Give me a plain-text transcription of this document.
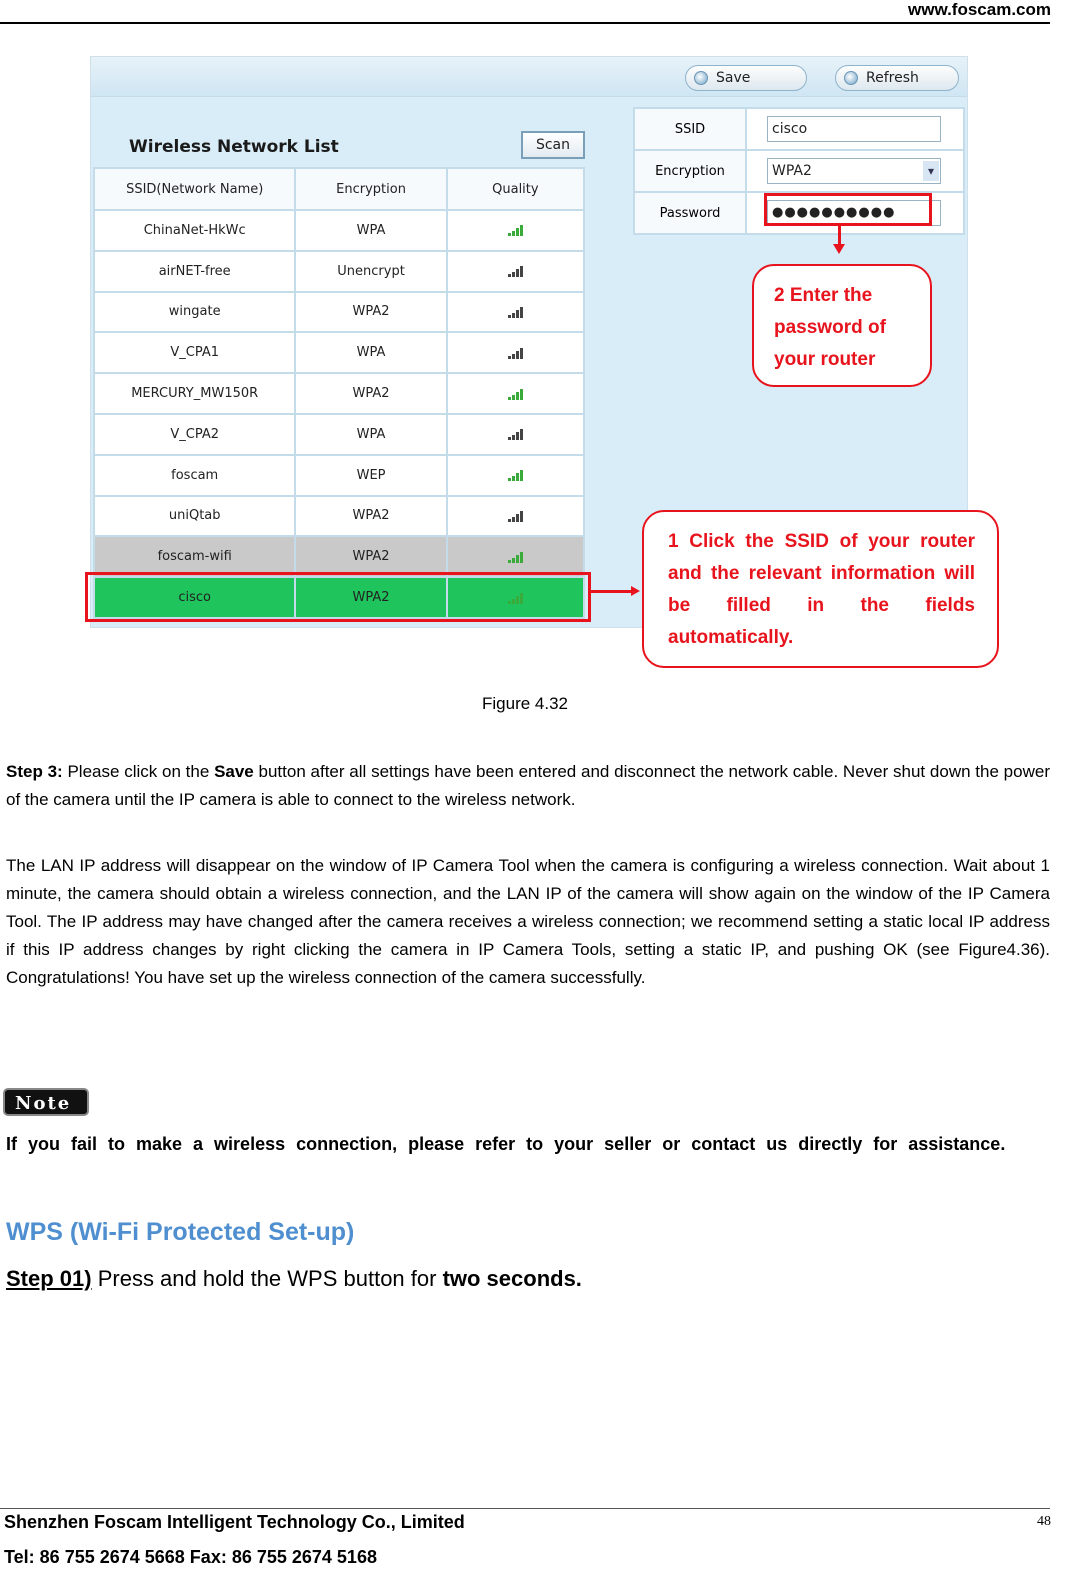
www.foscam.com
Save	Refresh
Wireless Network List	Scan
SSID(Network Name)	Encryption	Quality
ChinaNet-HkWc	WPA	

airNET-free	Unencrypt	

wingate	WPA2	

V_CPA1	WPA	

MERCURY_MW150R	WPA2	

V_CPA2	WPA	

foscam	WEP	

uniQtab	WPA2	

foscam-wifi	WPA2	

cisco	WPA2	
SSID	cisco

Encryption	WPA2 ▾

Password	●●●●●●●●●●
2 Enter the
password of
your router
1 Click the SSID of your router and the relevant information will be filled in the fields automatically.
Figure 4.32
Step 3: Please click on the Save button after all settings have been entered and disconnect the network cable. Never shut down the power of the camera until the IP camera is able to connect to the wireless network.
The LAN IP address will disappear on the window of IP Camera Tool when the camera is configuring a wireless connection. Wait about 1 minute, the camera should obtain a wireless connection, and the LAN IP of the camera will show again on the window of the IP Camera Tool. The IP address may have changed after the camera receives a wireless connection; we recommend setting a static local IP address if this IP address changes by right clicking the camera in IP Camera Tools, setting a static IP, and pushing OK (see Figure4.36). Congratulations! You have set up the wireless connection of the camera successfully.
Note
If you fail to make a wireless connection, please refer to your seller or contact us directly for assistance.
WPS (Wi-Fi Protected Set-up)
Step 01) Press and hold the WPS button for two seconds.
Shenzhen Foscam Intelligent Technology Co., Limited
Tel: 86 755 2674 5668 Fax: 86 755 2674 5168
48
